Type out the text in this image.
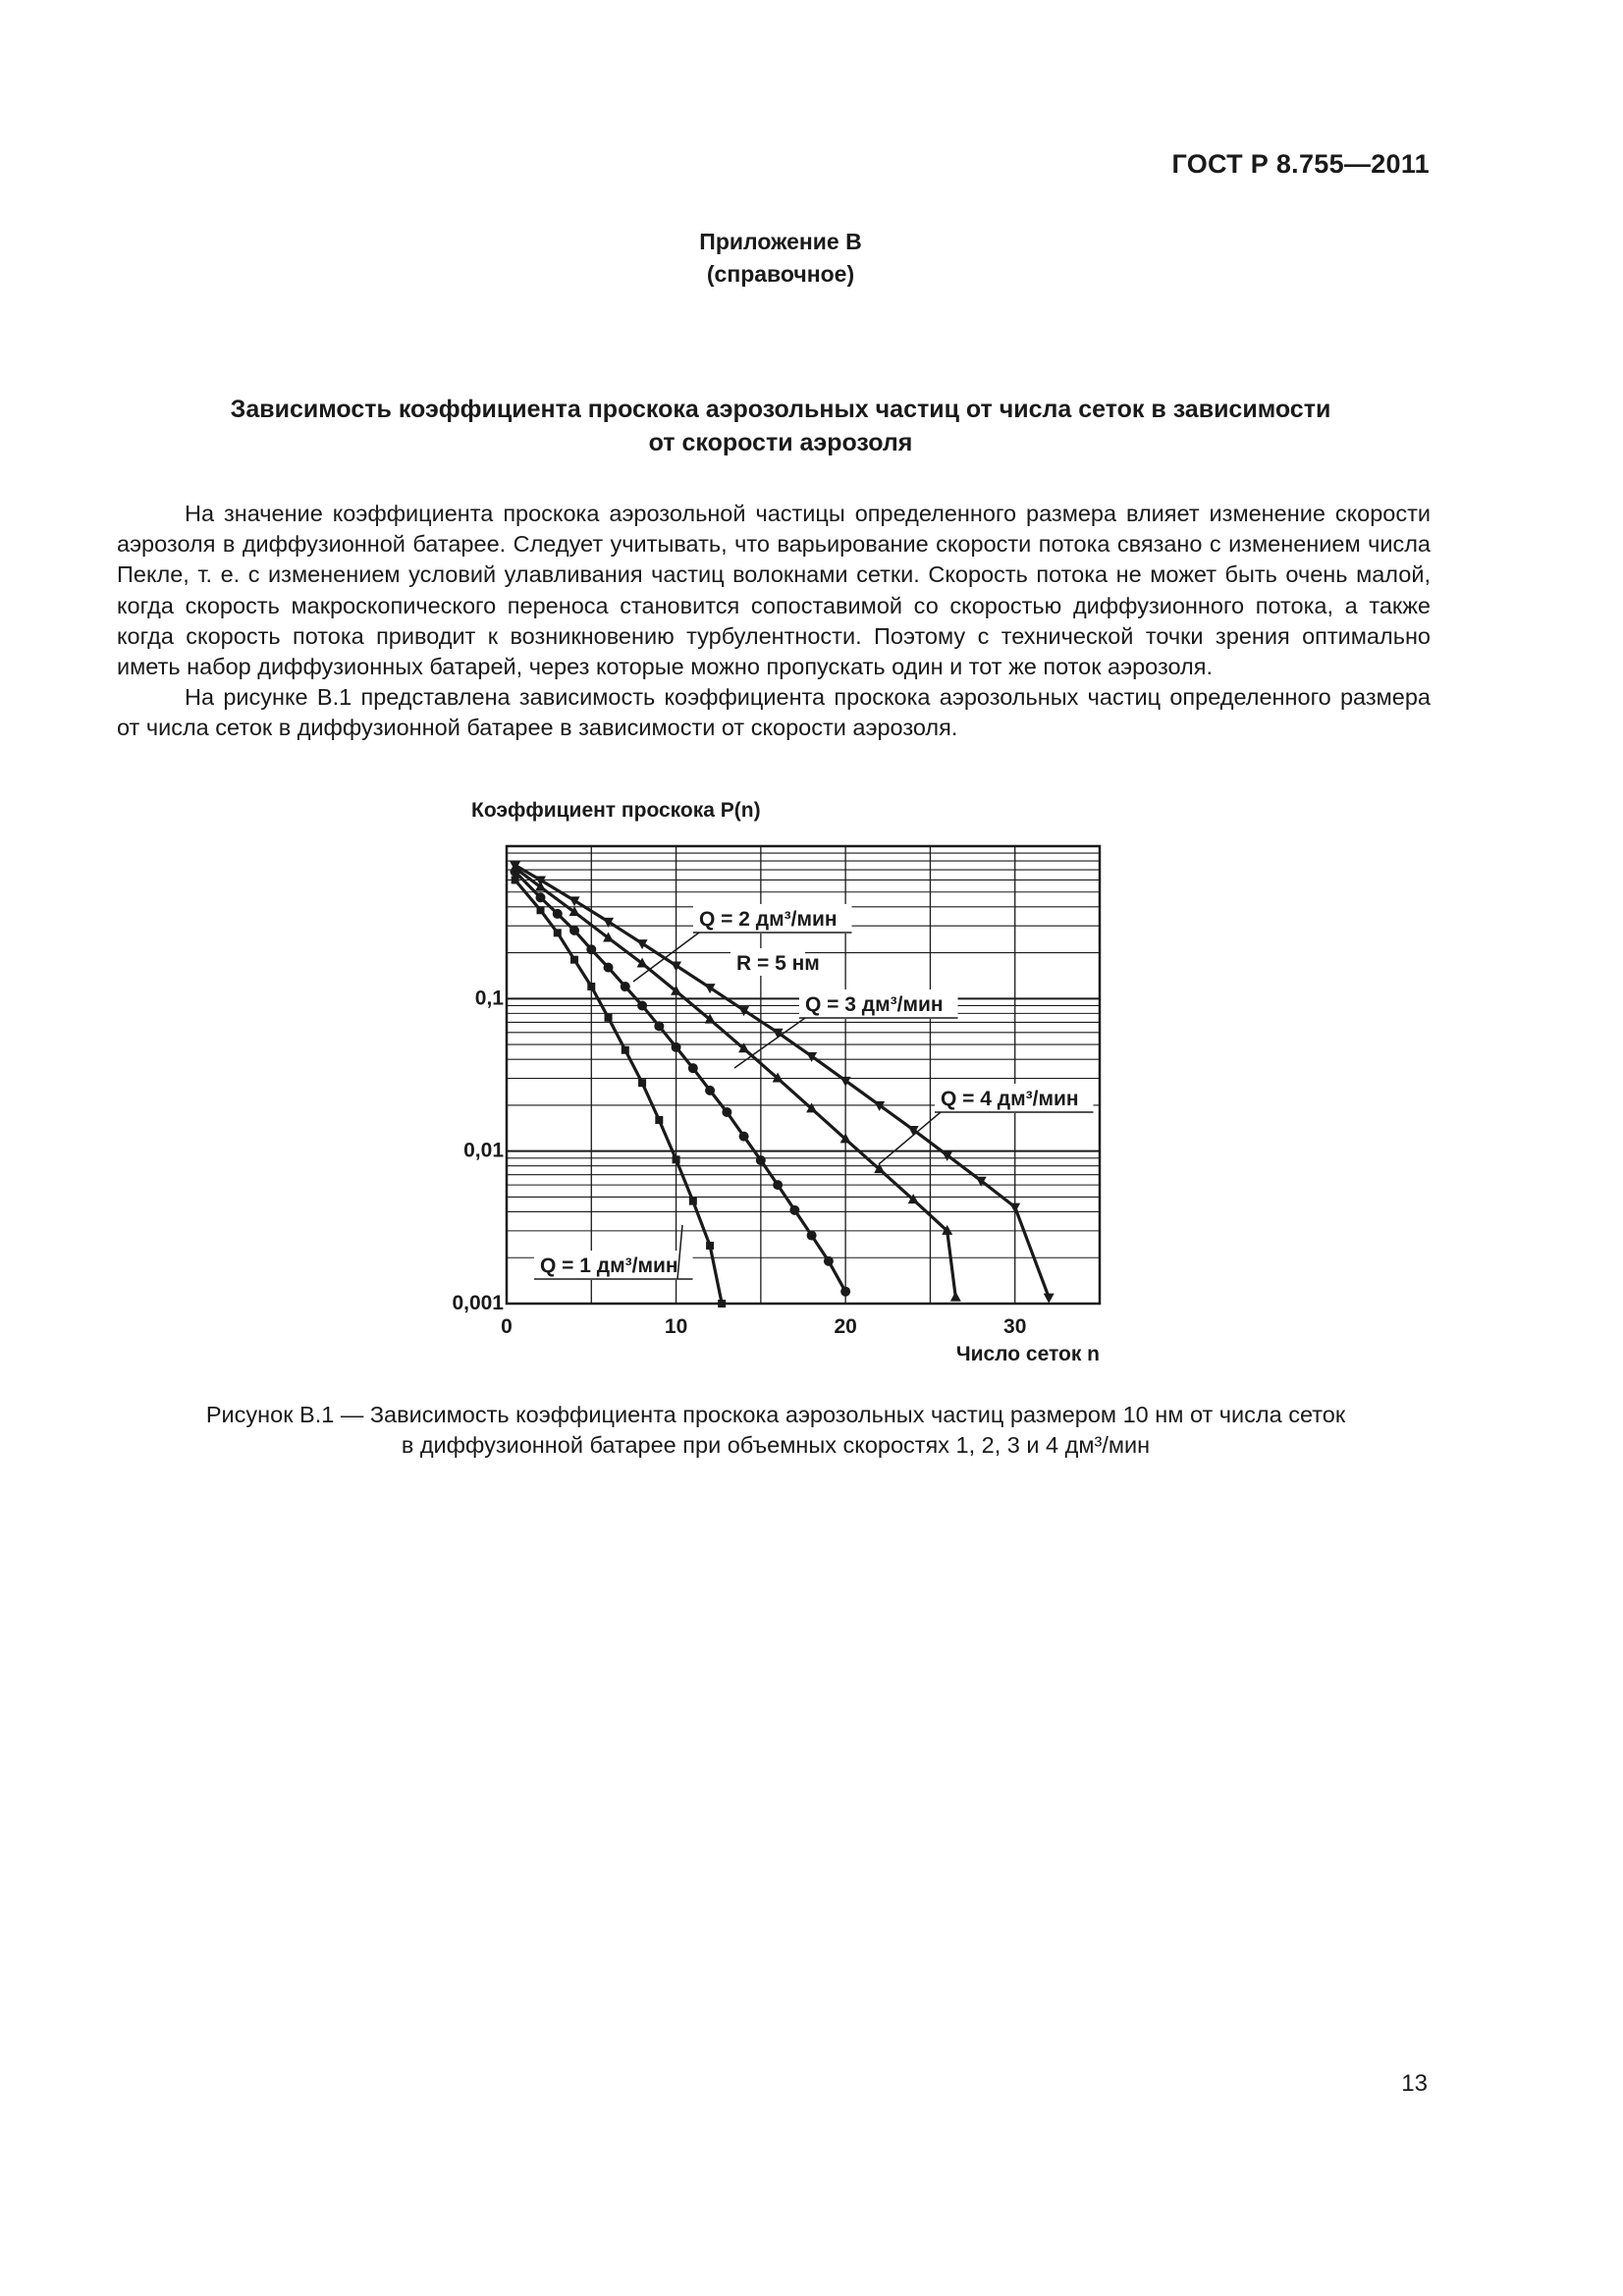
ГОСТ Р 8.755—2011
Приложение В
(справочное)
Зависимость коэффициента проскока аэрозольных частиц от числа сеток в зависимости
от скорости аэрозоля

На значение коэффициента проскока аэрозольной частицы определенного размера влияет изменение скорости аэрозоля в диффузионной батарее. Следует учитывать, что варьирование скорости потока связано с изменением числа Пекле, т. е. с изменением условий улавливания частиц волокнами сетки. Скорость потока не может быть очень малой, когда скорость макроскопического переноса становится сопоставимой со скоростью диффузионного потока, а также когда скорость потока приводит к возникновению турбулентности. Поэтому с технической точки зрения оптимально иметь набор диффузионных батарей, через которые можно пропускать один и тот же поток аэрозоля.

На рисунке В.1 представлена зависимость коэффициента проскока аэрозольных частиц определенного размера от числа сеток в диффузионной батарее в зависимости от скорости аэрозоля.

Коэффициент проскока P(n)
0	10	20	30
0,1
0,01
0,001
Q = 2 дм³/мин
Q = 3 дм³/мин
Q = 4 дм³/мин
Q = 1 дм³/мин
R = 5 нм
Число сеток n
Рисунок В.1 — Зависимость коэффициента проскока аэрозольных частиц размером 10 нм от числа сеток
в диффузионной батарее при объемных скоростях 1, 2, 3 и 4 дм³/мин
13
